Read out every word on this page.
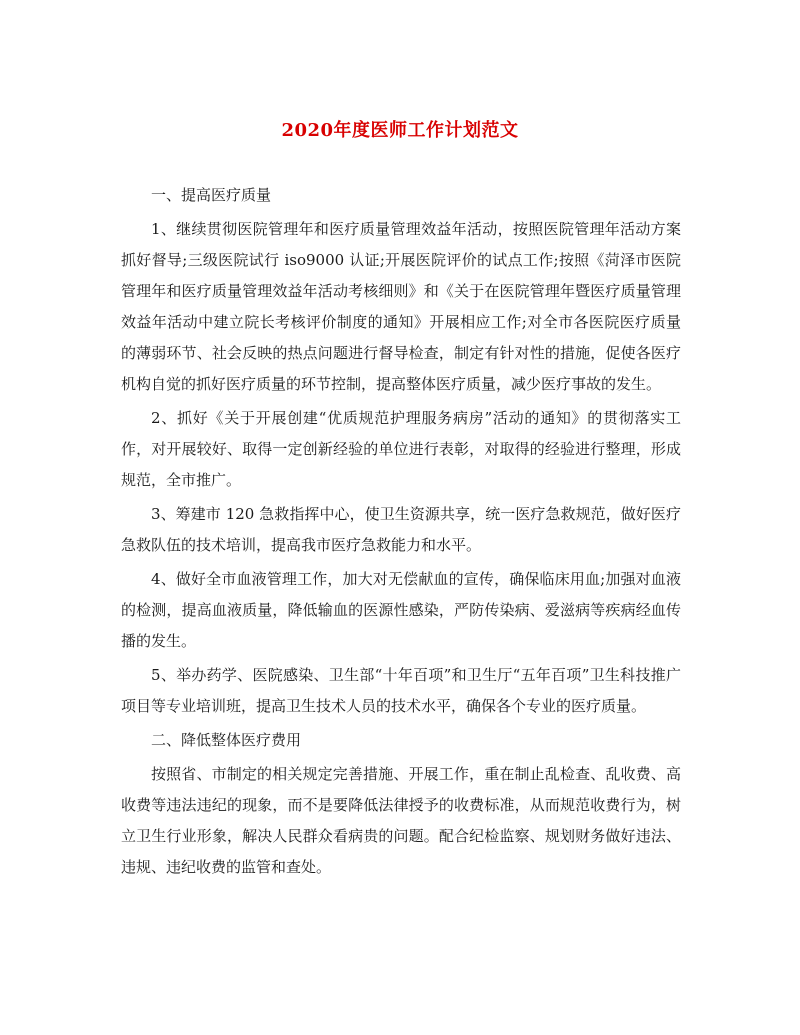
2020年度医师工作计划范文

一、提高医疗质量

1、继续贯彻医院管理年和医疗质量管理效益年活动，按照医院管理年活动方案抓好督导;三级医院试行 iso9000 认证;开展医院评价的试点工作;按照《菏泽市医院管理年和医疗质量管理效益年活动考核细则》和《关于在医院管理年暨医疗质量管理效益年活动中建立院长考核评价制度的通知》开展相应工作;对全市各医院医疗质量的薄弱环节、社会反映的热点问题进行督导检查，制定有针对性的措施，促使各医疗机构自觉的抓好医疗质量的环节控制，提高整体医疗质量，减少医疗事故的发生。

2、抓好《关于开展创建“优质规范护理服务病房”活动的通知》的贯彻落实工作，对开展较好、取得一定创新经验的单位进行表彰，对取得的经验进行整理，形成规范，全市推广。

3、筹建市 120 急救指挥中心，使卫生资源共享，统一医疗急救规范，做好医疗急救队伍的技术培训，提高我市医疗急救能力和水平。

4、做好全市血液管理工作，加大对无偿献血的宣传，确保临床用血;加强对血液的检测，提高血液质量，降低输血的医源性感染，严防传染病、爱滋病等疾病经血传播的发生。

5、举办药学、医院感染、卫生部“十年百项”和卫生厅“五年百项”卫生科技推广项目等专业培训班，提高卫生技术人员的技术水平，确保各个专业的医疗质量。

二、降低整体医疗费用

按照省、市制定的相关规定完善措施、开展工作，重在制止乱检查、乱收费、高收费等违法违纪的现象，而不是要降低法律授予的收费标准，从而规范收费行为，树立卫生行业形象，解决人民群众看病贵的问题。配合纪检监察、规划财务做好违法、违规、违纪收费的监管和查处。
